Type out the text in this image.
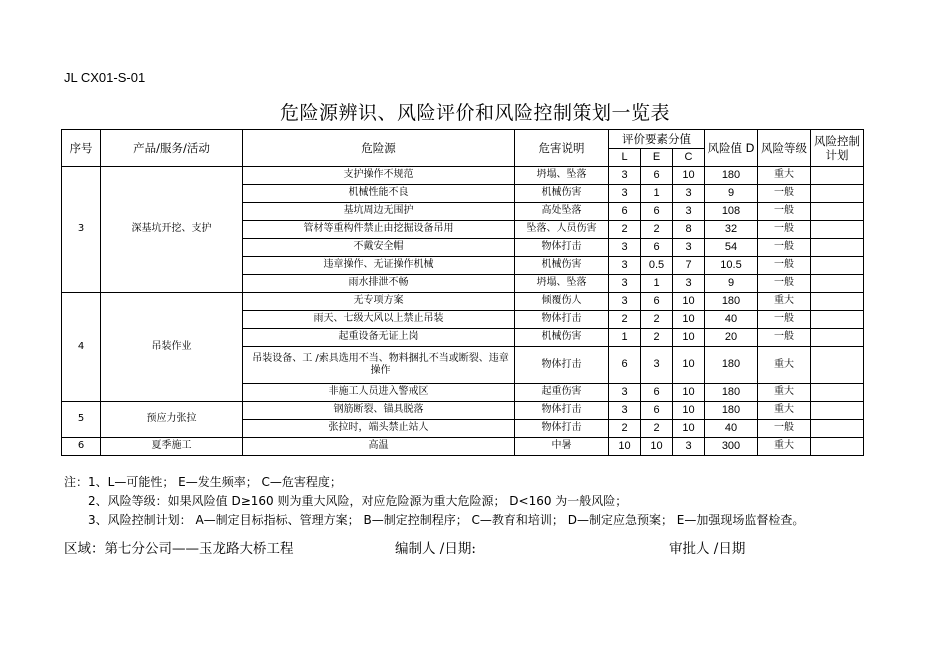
JL CX01-S-01
危险源辨识、风险评价和风险控制策划一览表
序号	产品/服务/活动	危险源	危害说明	评价要素分值			风险值 D	风险等级	风险控制计划
				L	E	C			
3	深基坑开挖、支护	支护操作不规范	坍塌、坠落	3	6	10	180	重大	
		机械性能不良	机械伤害	3	1	3	9	一般	
		基坑周边无围护	高处坠落	6	6	3	108	一般	
		管材等重构件禁止由挖掘设备吊用	坠落、人员伤害	2	2	8	32	一般	
		不戴安全帽	物体打击	3	6	3	54	一般	
		违章操作、无证操作机械	机械伤害	3	0.5	7	10.5	一般	
		雨水排泄不畅	坍塌、坠落	3	1	3	9	一般	
4	吊装作业	无专项方案	倾覆伤人	3	6	10	180	重大	
		雨天、七级大风以上禁止吊装	物体打击	2	2	10	40	一般	
		起重设备无证上岗	机械伤害	1	2	10	20	一般	
		吊装设备、工 /索具选用不当、物料捆扎不当或断裂、违章操作	物体打击	6	3	10	180	重大	
		非施工人员进入警戒区	起重伤害	3	6	10	180	重大	
5	预应力张拉	钢筋断裂、锚具脱落	物体打击	3	6	10	180	重大	
		张拉时，端头禁止站人	物体打击	2	2	10	40	一般	
6	夏季施工	高温	中暑	10	10	3	300	重大	
注：1、L—可能性； E—发生频率； C—危害程度；
2、风险等级：如果风险值 D≥160 则为重大风险，对应危险源为重大危险源； D<160 为一般风险；
3、风险控制计划： A—制定目标指标、管理方案； B—制定控制程序； C—教育和培训； D—制定应急预案； E—加强现场监督检查。
区域：第七分公司——玉龙路大桥工程	编制人 /日期:	审批人 /日期
